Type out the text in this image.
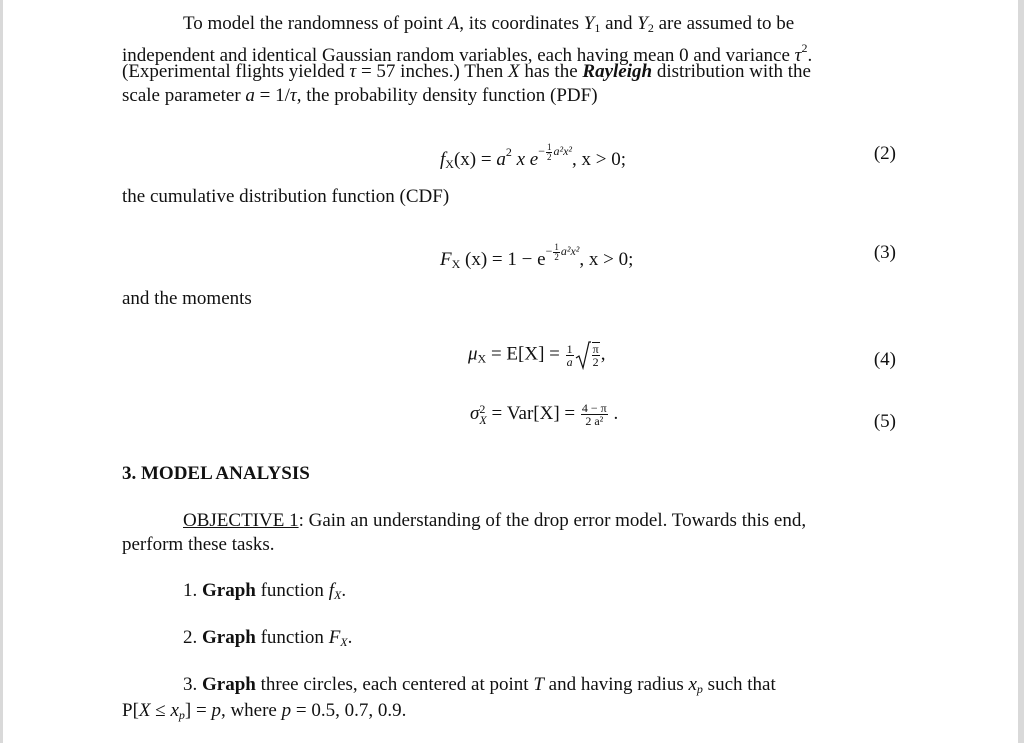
To model the randomness of point A, its coordinates $Y_1$ and $Y_2$ are assumed to be
independent and identical Gaussian random variables, each having mean 0 and variance $\tau^2$.
(Experimental flights yielded τ = 57 inches.) Then X has the Rayleigh distribution with the
scale parameter a = 1/τ, the probability density function (PDF)
$f_X(x) = a^2$ x $e^{- \frac{1}{2} a^2x^2}$, x > 0;	(2)
the cumulative distribution function (CDF)
$F_X$ $(x) = 1 - e^{- \frac{1}{2} a^2x^2}$, x > 0;	(3)
and the moments
$\mu_X = E[X] = \frac{1}{a} \frac{\pi}{2}$ ,	(4)
σ 2
$X = Var[X] = \frac{4 - \pi}{\text{2 a²}}$ .	(5)
3. MODEL ANALYSIS
OBJECTIVE 1: Gain an understanding of the drop error model. Towards this end,
perform these tasks.
1. Graph function $f_X$.
2. Graph function $F_X$.
3. Graph three circles, each centered at point T and having radius $x_p$ such that
$P[X \le x_p] = p$, where p = 0.5, 0.7, 0.9.
